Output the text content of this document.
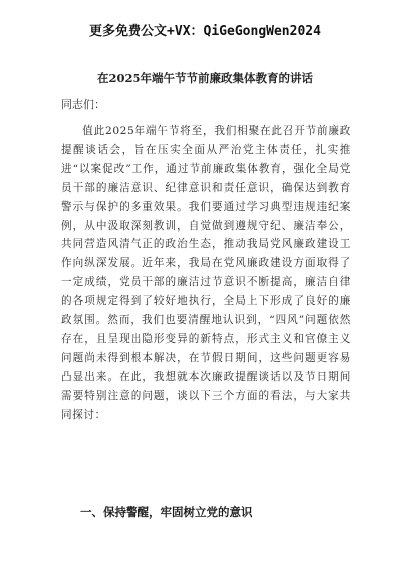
更多免费公文+VX：QiGeGongWen2024
在2025年端午节节前廉政集体教育的讲话
同志们：
值此2025年端午节将至，我们相聚在此召开节前廉政提醒谈话会，旨在压实全面从严治党主体责任，扎实推进“以案促改”工作，通过节前廉政集体教育，强化全局党员干部的廉洁意识、纪律意识和责任意识，确保达到教育警示与保护的多重效果。我们要通过学习典型违规违纪案例，从中汲取深刻教训，自觉做到遵规守纪、廉洁奉公，共同营造风清气正的政治生态，推动我局党风廉政建设工作向纵深发展。近年来，我局在党风廉政建设方面取得了一定成绩，党员干部的廉洁过节意识不断提高，廉洁自律的各项规定得到了较好地执行，全局上下形成了良好的廉政氛围。然而，我们也要清醒地认识到，“四风”问题依然存在，且呈现出隐形变异的新特点，形式主义和官僚主义问题尚未得到根本解决，在节假日期间，这些问题更容易凸显出来。在此，我想就本次廉政提醒谈话以及节日期间需要特别注意的问题，谈以下三个方面的看法，与大家共同探讨：
一、保持警醒，牢固树立党的意识
